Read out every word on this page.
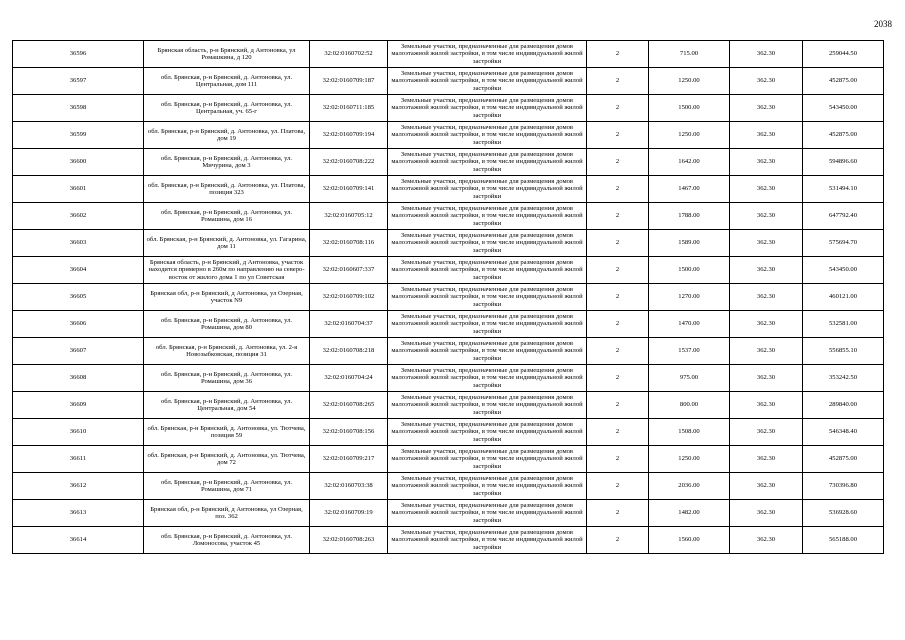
2038
36596	Брянская область, р-н Брянский, д Антоновка, ул Ромашкина, д 120	32:02:0160702:52	Земельные участки, предназначенные для размещения домов малоэтажной жилой застройки, в том числе индивидуальной жилой застройки	2	715.00	362.30	259044.50
36597	обл. Брянская, р-н Брянский, д. Антоновка, ул. Центральная, дом 111	32:02:0160709:187	Земельные участки, предназначенные для размещения домов малоэтажной жилой застройки, в том числе индивидуальной жилой застройки	2	1250.00	362.30	452875.00
36598	обл. Брянская, р-н Брянский, д. Антоновка, ул. Центральная, уч. 65-г	32:02:0160711:185	Земельные участки, предназначенные для размещения домов малоэтажной жилой застройки, в том числе индивидуальной жилой застройки	2	1500.00	362.30	543450.00
36599	обл. Брянская, р-н Брянский, д. Антоновка, ул. Платова, дом 19	32:02:0160709:194	Земельные участки, предназначенные для размещения домов малоэтажной жилой застройки, в том числе индивидуальной жилой застройки	2	1250.00	362.30	452875.00
36600	обл. Брянская, р-н Брянский, д. Антоновка, ул. Мичурина, дом 3	32:02:0160708:222	Земельные участки, предназначенные для размещения домов малоэтажной жилой застройки, в том числе индивидуальной жилой застройки	2	1642.00	362.30	594896.60
36601	обл. Брянская, р-н Брянский, д. Антоновка, ул. Платова, позиция 323	32:02:0160709:141	Земельные участки, предназначенные для размещения домов малоэтажной жилой застройки, в том числе индивидуальной жилой застройки	2	1467.00	362.30	531494.10
36602	обл. Брянская, р-н Брянский, д. Антоновка, ул. Ромашина, дом 16	32:02:0160705:12	Земельные участки, предназначенные для размещения домов малоэтажной жилой застройки, в том числе индивидуальной жилой застройки	2	1788.00	362.30	647792.40
36603	обл. Брянская, р-н Брянский, д. Антоновка, ул. Гагарина, дом 11	32:02:0160708:116	Земельные участки, предназначенные для размещения домов малоэтажной жилой застройки, в том числе индивидуальной жилой застройки	2	1589.00	362.30	575694.70
36604	Брянская область, р-н Брянский, д Антоновка, участок находится примерно в 260м по направлению на северо-восток от жилого дома 1 по ул Советская	32:02:0160607:337	Земельные участки, предназначенные для размещения домов малоэтажной жилой застройки, в том числе индивидуальной жилой застройки	2	1500.00	362.30	543450.00
36605	Брянская обл, р-н Брянский, д Антоновка, ул Озерная, участок N9	32:02:0160709:102	Земельные участки, предназначенные для размещения домов малоэтажной жилой застройки, в том числе индивидуальной жилой застройки	2	1270.00	362.30	460121.00
36606	обл. Брянская, р-н Брянский, д. Антоновка, ул. Ромашина, дом 80	32:02:0160704:37	Земельные участки, предназначенные для размещения домов малоэтажной жилой застройки, в том числе индивидуальной жилой застройки	2	1470.00	362.30	532581.00
36607	обл. Брянская, р-н Брянский, д. Антоновка, ул. 2-я Новозыбковская, позиция 31	32:02:0160708:218	Земельные участки, предназначенные для размещения домов малоэтажной жилой застройки, в том числе индивидуальной жилой застройки	2	1537.00	362.30	556855.10
36608	обл. Брянская, р-н Брянский, д. Антоновка, ул. Ромашина, дом 36	32:02:0160704:24	Земельные участки, предназначенные для размещения домов малоэтажной жилой застройки, в том числе индивидуальной жилой застройки	2	975.00	362.30	353242.50
36609	обл. Брянская, р-н Брянский, д. Антоновка, ул. Центральная, дом 54	32:02:0160708:265	Земельные участки, предназначенные для размещения домов малоэтажной жилой застройки, в том числе индивидуальной жилой застройки	2	800.00	362.30	289840.00
36610	обл. Брянская, р-н Брянский, д. Антоновка, ул. Тютчева, позиция 59	32:02:0160708:156	Земельные участки, предназначенные для размещения домов малоэтажной жилой застройки, в том числе индивидуальной жилой застройки	2	1508.00	362.30	546348.40
36611	обл. Брянская, р-н Брянский, д. Антоновка, ул. Тютчева, дом 72	32:02:0160709:217	Земельные участки, предназначенные для размещения домов малоэтажной жилой застройки, в том числе индивидуальной жилой застройки	2	1250.00	362.30	452875.00
36612	обл. Брянская, р-н Брянский, д. Антоновка, ул. Ромашина, дом 71	32:02:0160703:38	Земельные участки, предназначенные для размещения домов малоэтажной жилой застройки, в том числе индивидуальной жилой застройки	2	2036.00	362.30	730396.80
36613	Брянская обл, р-н Брянский, д Антоновка, ул Озерная, поз. 362	32:02:0160709:19	Земельные участки, предназначенные для размещения домов малоэтажной жилой застройки, в том числе индивидуальной жилой застройки	2	1482.00	362.30	536928.60
36614	обл. Брянская, р-н Брянский, д. Антоновка, ул. Ломоносова, участок 45	32:02:0160708:263	Земельные участки, предназначенные для размещения домов малоэтажной жилой застройки, в том числе индивидуальной жилой застройки	2	1560.00	362.30	565188.00
